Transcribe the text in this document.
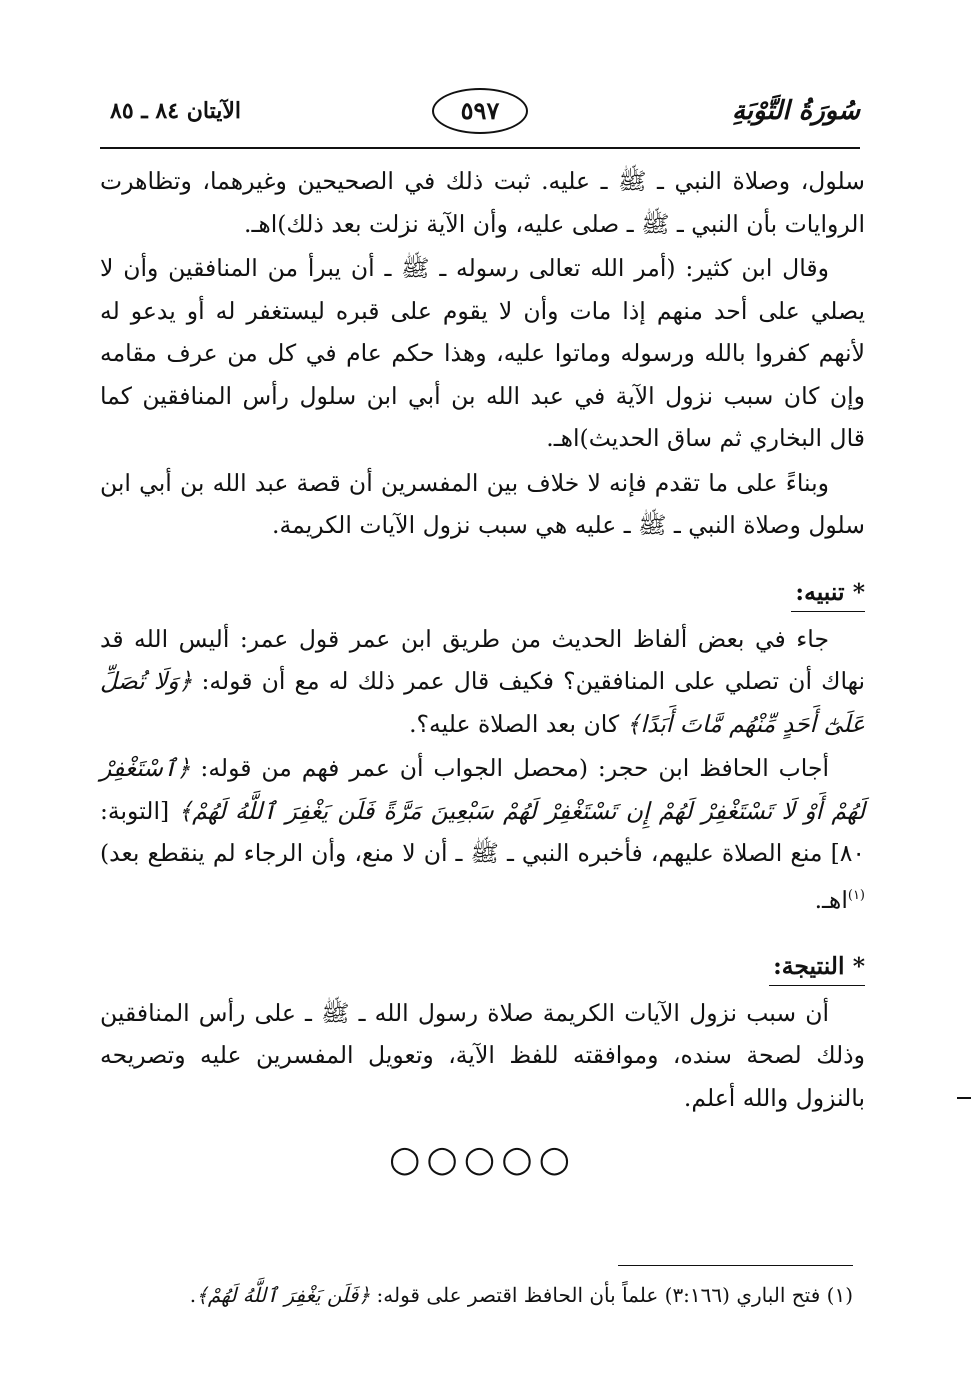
سُورَةُ التَّوْبَةِ
٥٩٧
الآيتان ٨٤ ـ ٨٥

سلول، وصلاة النبي ـ ﷺ ـ عليه. ثبت ذلك في الصحيحين وغيرهما، وتظاهرت الروايات بأن النبي ـ ﷺ ـ صلى عليه، وأن الآية نزلت بعد ذلك)اهـ.

وقال ابن كثير: (أمر الله تعالى رسوله ـ ﷺ ـ أن يبرأ من المنافقين وأن لا يصلي على أحد منهم إذا مات وأن لا يقوم على قبره ليستغفر له أو يدعو له لأنهم كفروا بالله ورسوله وماتوا عليه، وهذا حكم عام في كل من عرف مقامه وإن كان سبب نزول الآية في عبد الله بن أبي ابن سلول رأس المنافقين كما قال البخاري ثم ساق الحديث)اهـ.

وبناءً على ما تقدم فإنه لا خلاف بين المفسرين أن قصة عبد الله بن أبي ابن سلول وصلاة النبي ـ ﷺ ـ عليه هي سبب نزول الآيات الكريمة.

* تنبيه:

جاء في بعض ألفاظ الحديث من طريق ابن عمر قول عمر: أليس الله قد نهاك أن تصلي على المنافقين؟ فكيف قال عمر ذلك له مع أن قوله: ﴿وَلَا تُصَلِّ عَلَىٰٓ أَحَدٍ مِّنْهُم مَّاتَ أَبَدًا﴾ كان بعد الصلاة عليه؟.

أجاب الحافظ ابن حجر: (محصل الجواب أن عمر فهم من قوله: ﴿ٱسْتَغْفِرْ لَهُمْ أَوْ لَا تَسْتَغْفِرْ لَهُمْ إِن تَسْتَغْفِرْ لَهُمْ سَبْعِينَ مَرَّةً فَلَن يَغْفِرَ ٱللَّهُ لَهُمْ﴾ [التوبة: ٨٠] منع الصلاة عليهم، فأخبره النبي ـ ﷺ ـ أن لا منع، وأن الرجاء لم ينقطع بعد)$^{(١)}$اهـ.

* النتيجة:

أن سبب نزول الآيات الكريمة صلاة رسول الله ـ ﷺ ـ على رأس المنافقين وذلك لصحة سنده، وموافقته للفظ الآية، وتعويل المفسرين عليه وتصريحه بالنزول والله أعلم.

○○○○○
(١) فتح الباري (٣:١٦٦) علماً بأن الحافظ اقتصر على قوله: ﴿فَلَن يَغْفِرَ ٱللَّهُ لَهُمْ﴾.
